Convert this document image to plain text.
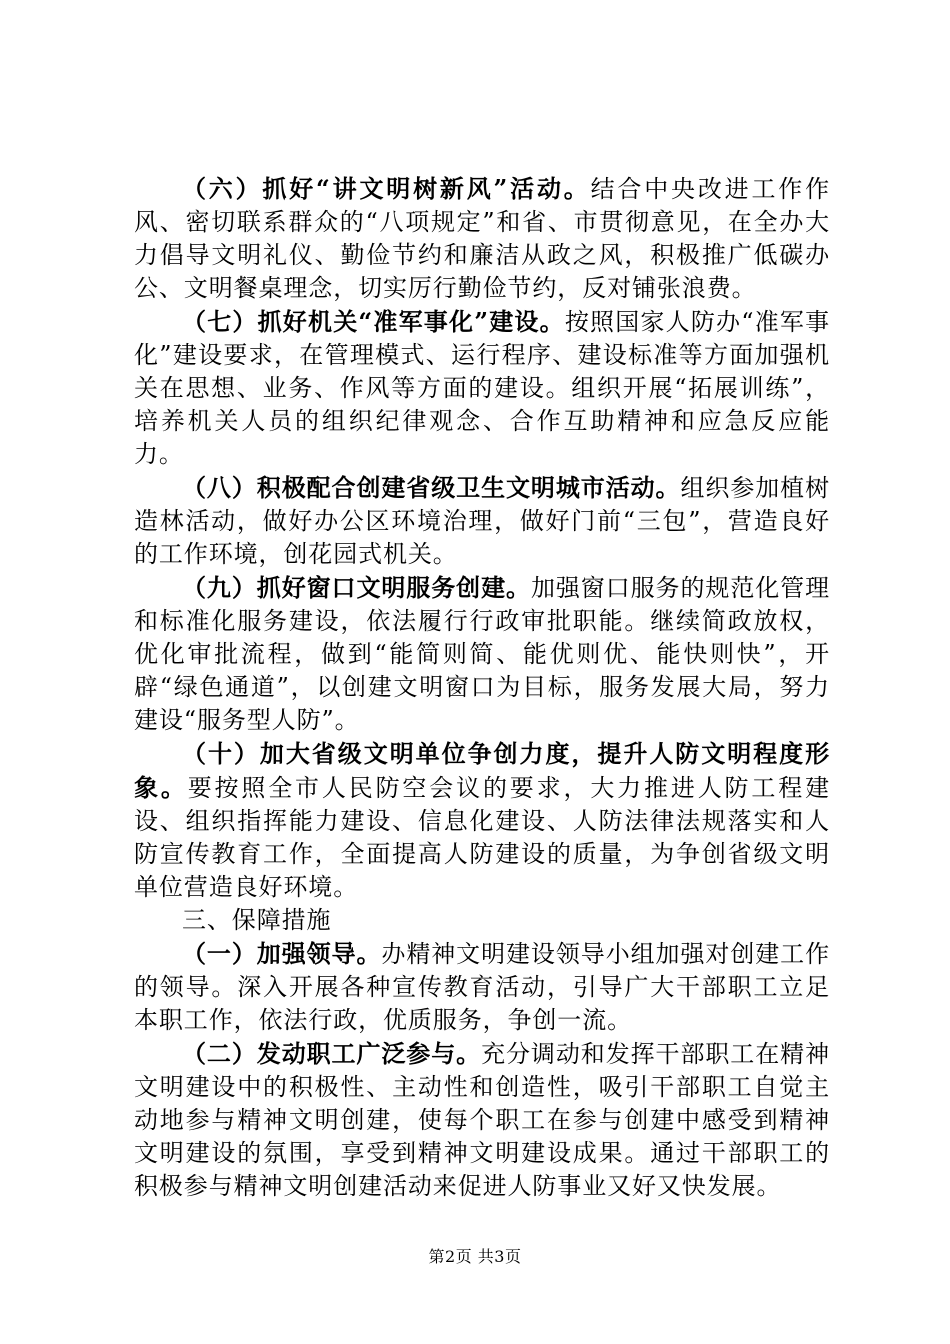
（六）抓好“讲文明树新风”活动。结合中央改进工作作风、密切联系群众的“八项规定”和省、市贯彻意见，在全办大力倡导文明礼仪、勤俭节约和廉洁从政之风，积极推广低碳办公、文明餐桌理念，切实厉行勤俭节约，反对铺张浪费。

（七）抓好机关“准军事化”建设。按照国家人防办“准军事化”建设要求，在管理模式、运行程序、建设标准等方面加强机关在思想、业务、作风等方面的建设。组织开展“拓展训练”，培养机关人员的组织纪律观念、合作互助精神和应急反应能力。

（八）积极配合创建省级卫生文明城市活动。组织参加植树造林活动，做好办公区环境治理，做好门前“三包”，营造良好的工作环境，创花园式机关。

（九）抓好窗口文明服务创建。加强窗口服务的规范化管理和标准化服务建设，依法履行行政审批职能。继续简政放权，优化审批流程，做到“能简则简、能优则优、能快则快”，开辟“绿色通道”，以创建文明窗口为目标，服务发展大局，努力建设“服务型人防”。

（十）加大省级文明单位争创力度，提升人防文明程度形象。要按照全市人民防空会议的要求，大力推进人防工程建设、组织指挥能力建设、信息化建设、人防法律法规落实和人防宣传教育工作，全面提高人防建设的质量，为争创省级文明单位营造良好环境。

三、保障措施

（一）加强领导。办精神文明建设领导小组加强对创建工作的领导。深入开展各种宣传教育活动，引导广大干部职工立足本职工作，依法行政，优质服务，争创一流。

（二）发动职工广泛参与。充分调动和发挥干部职工在精神文明建设中的积极性、主动性和创造性，吸引干部职工自觉主动地参与精神文明创建，使每个职工在参与创建中感受到精神文明建设的氛围，享受到精神文明建设成果。通过干部职工的积极参与精神文明创建活动来促进人防事业又好又快发展。

第2页 共3页
